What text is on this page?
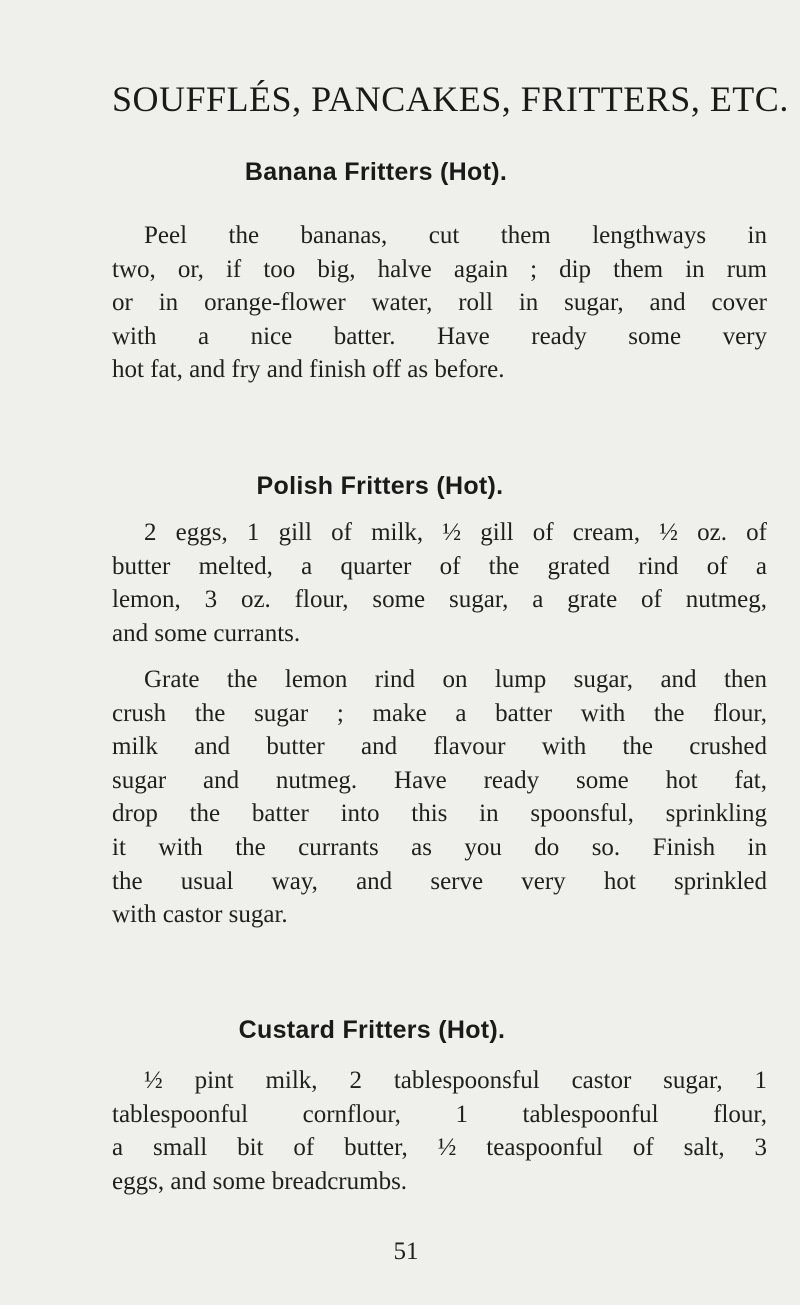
SOUFFLÉS, PANCAKES, FRITTERS, ETC.
Banana Fritters (Hot).

Peel the bananas, cut them lengthways in
two, or, if too big, halve again ; dip them in rum
or in orange-flower water, roll in sugar, and cover
with a nice batter. Have ready some very
hot fat, and fry and finish off as before.

Polish Fritters (Hot).

2 eggs, 1 gill of milk, ½ gill of cream, ½ oz. of
butter melted, a quarter of the grated rind of a
lemon, 3 oz. flour, some sugar, a grate of nutmeg,
and some currants.

Grate the lemon rind on lump sugar, and then
crush the sugar ; make a batter with the flour,
milk and butter and flavour with the crushed
sugar and nutmeg. Have ready some hot fat,
drop the batter into this in spoonsful, sprinkling
it with the currants as you do so. Finish in
the usual way, and serve very hot sprinkled
with castor sugar.

Custard Fritters (Hot).

½ pint milk, 2 tablespoonsful castor sugar, 1
tablespoonful cornflour, 1 tablespoonful flour,
a small bit of butter, ½ teaspoonful of salt, 3
eggs, and some breadcrumbs.

51
